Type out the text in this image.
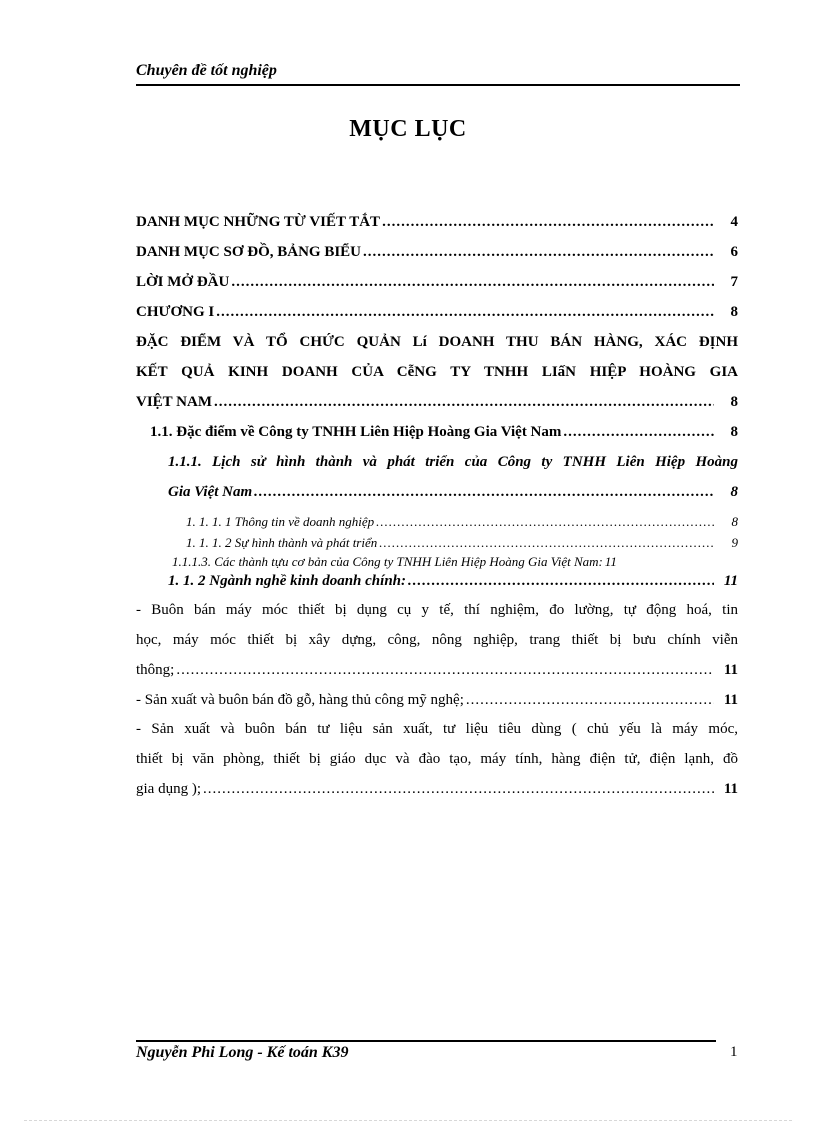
Chuyên đề tốt nghiệp
MỤC LỤC
DANH MỤC NHỮNG TỪ VIẾT TẮT .....	4
DANH MỤC SƠ ĐỒ, BẢNG BIỂU .....	6
LỜI MỞ ĐẦU .....	7
CHƯƠNG I .....	8
ĐẶC ĐIỂM VÀ TỔ CHỨC QUẢN Lí DOANH THU BÁN HÀNG, XÁC ĐỊNH
KẾT QUẢ KINH DOANH CỦA CễNG TY TNHH LIấN HIỆP HOÀNG GIA
VIỆT NAM .....	8
1.1. Đặc điểm về Công ty TNHH Liên Hiệp Hoàng Gia Việt Nam .....	8
1.1.1. Lịch sử hình thành và phát triển của Công ty TNHH Liên Hiệp Hoàng
Gia Việt Nam .....	8
1. 1. 1. 1 Thông tin về doanh nghiệp .....	8
1. 1. 1. 2 Sự hình thành và phát triển .....	9
1.1.1.3. Các thành tựu cơ bản của Công ty TNHH Liên Hiệp Hoàng Gia Việt Nam: 11
1. 1. 2 Ngành nghề kinh doanh chính: .....	11
- Buôn bán máy móc thiết bị dụng cụ y tế, thí nghiệm, đo lường, tự động hoá, tin
học, máy móc thiết bị xây dựng, công, nông nghiệp, trang thiết bị bưu chính viễn
thông; .....	11
- Sản xuất và buôn bán đồ gỗ, hàng thủ công mỹ nghệ; .....	11
- Sản xuất và buôn bán tư liệu sản xuất, tư liệu tiêu dùng ( chủ yếu là máy móc,
thiết bị văn phòng, thiết bị giáo dục và đào tạo, máy tính, hàng điện tử, điện lạnh, đồ
gia dụng ); .....	11
Nguyễn Phi Long - Kế toán K39	1
